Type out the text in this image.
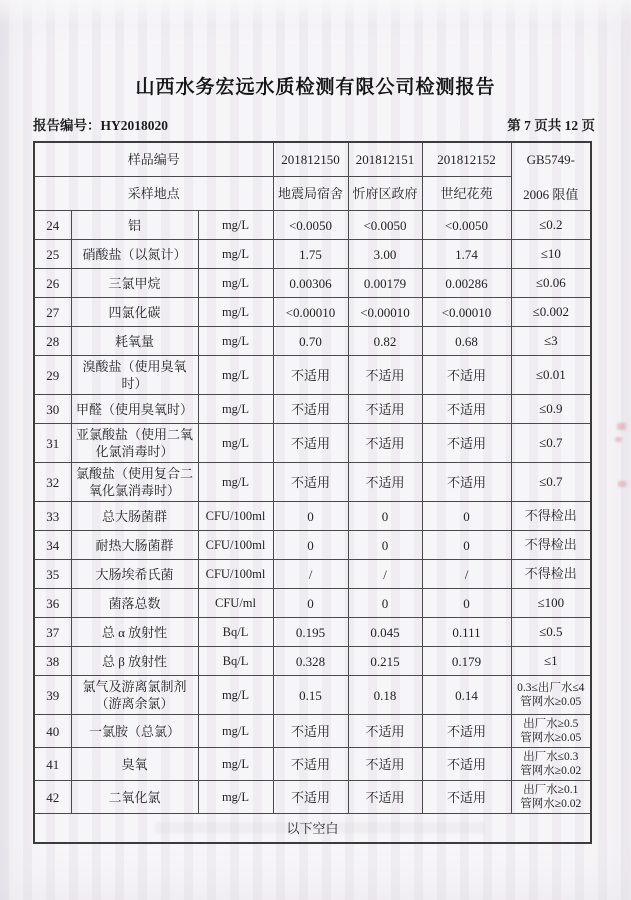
山西水务宏远水质检测有限公司检测报告
报告编号：HY2018020	第 7 页共 12 页
样品编号			201812150	201812151	201812152	GB5749-
2006 限值

采样地点			地震局宿舍	忻府区政府	世纪花苑	
24	铝	mg/L	<0.0050	<0.0050	<0.0050	≤0.2

25	硝酸盐（以氮计）	mg/L	1.75	3.00	1.74	≤10

26	三氯甲烷	mg/L	0.00306	0.00179	0.00286	≤0.06

27	四氯化碳	mg/L	<0.00010	<0.00010	<0.00010	≤0.002

28	耗氧量	mg/L	0.70	0.82	0.68	≤3

29	溴酸盐（使用臭氧时）	mg/L	不适用	不适用	不适用	≤0.01

30	甲醛（使用臭氧时）	mg/L	不适用	不适用	不适用	≤0.9

31	亚氯酸盐（使用二氧化氯消毒时）	mg/L	不适用	不适用	不适用	≤0.7

32	氯酸盐（使用复合二氧化氯消毒时）	mg/L	不适用	不适用	不适用	≤0.7

33	总大肠菌群	CFU/100ml	0	0	0	不得检出

34	耐热大肠菌群	CFU/100ml	0	0	0	不得检出

35	大肠埃希氏菌	CFU/100ml	/	/	/	不得检出

36	菌落总数	CFU/ml	0	0	0	≤100

37	总 α 放射性	Bq/L	0.195	0.045	0.111	≤0.5

38	总 β 放射性	Bq/L	0.328	0.215	0.179	≤1

39	氯气及游离氯制剂（游离余氯）	mg/L	0.15	0.18	0.14	0.3≤出厂水≤4
管网水≥0.05

40	一氯胺（总氯）	mg/L	不适用	不适用	不适用	出厂水≥0.5
管网水≥0.05

41	臭氧	mg/L	不适用	不适用	不适用	出厂水≤0.3
管网水≥0.02

42	二氧化氯	mg/L	不适用	不适用	不适用	出厂水≥0.1
管网水≥0.02

以下空白						
